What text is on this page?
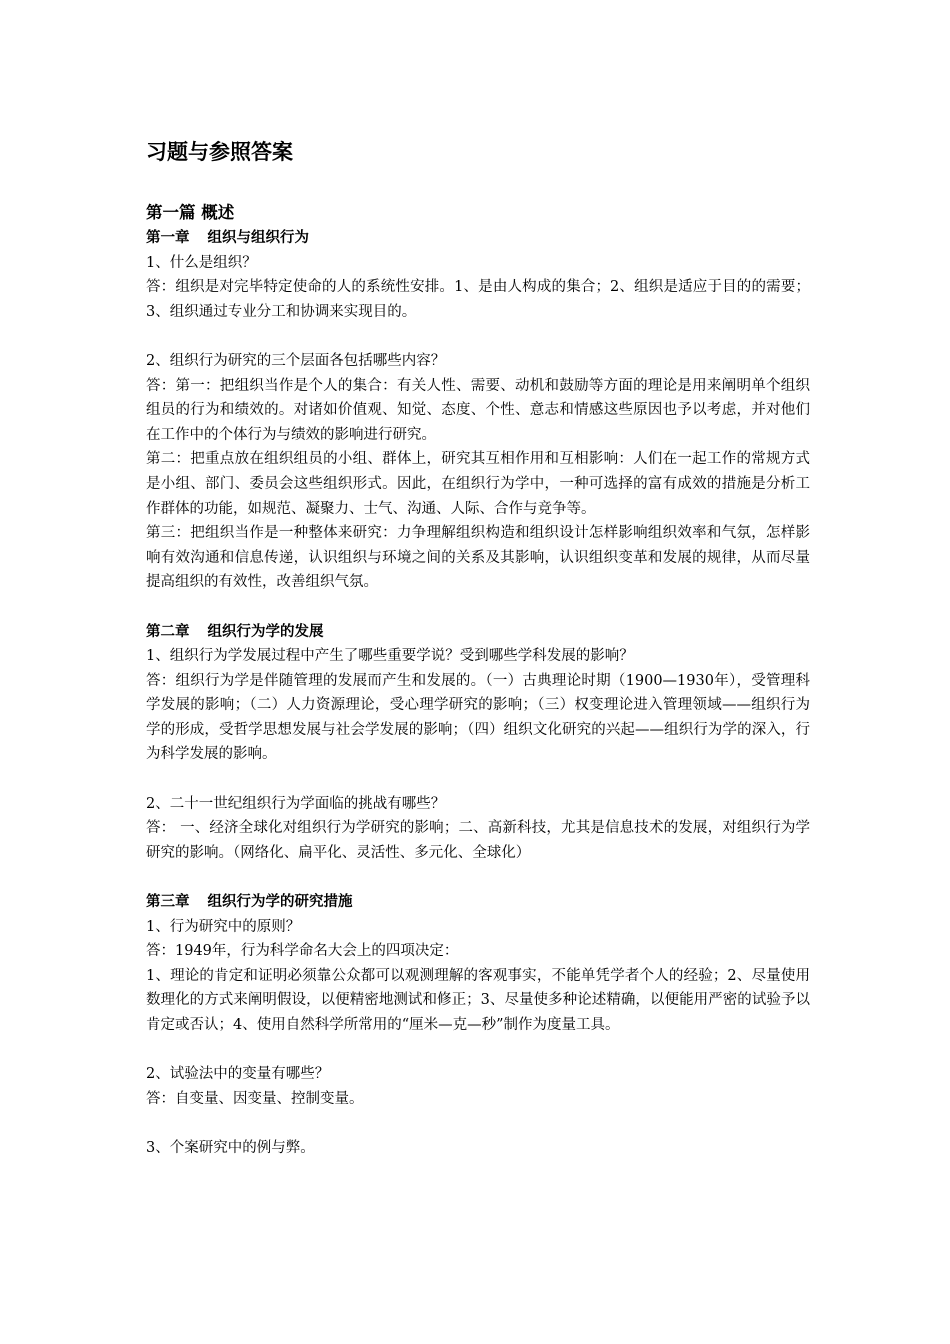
习题与参照答案
第一篇 概述
第一章 组织与组织行为

1、什么是组织？

答：组织是对完毕特定使命的人的系统性安排。1、是由人构成的集合；2、组织是适应于目的的需要；3、组织通过专业分工和协调来实现目的。

2、组织行为研究的三个层面各包括哪些内容？

答：第一：把组织当作是个人的集合：有关人性、需要、动机和鼓励等方面的理论是用来阐明单个组织组员的行为和绩效的。对诸如价值观、知觉、态度、个性、意志和情感这些原因也予以考虑，并对他们在工作中的个体行为与绩效的影响进行研究。

第二：把重点放在组织组员的小组、群体上，研究其互相作用和互相影响：人们在一起工作的常规方式是小组、部门、委员会这些组织形式。因此，在组织行为学中，一种可选择的富有成效的措施是分析工作群体的功能，如规范、凝聚力、士气、沟通、人际、合作与竞争等。

第三：把组织当作是一种整体来研究：力争理解组织构造和组织设计怎样影响组织效率和气氛，怎样影响有效沟通和信息传递，认识组织与环境之间的关系及其影响，认识组织变革和发展的规律，从而尽量提高组织的有效性，改善组织气氛。

第二章 组织行为学的发展

1、组织行为学发展过程中产生了哪些重要学说？受到哪些学科发展的影响？

答：组织行为学是伴随管理的发展而产生和发展的。（一）古典理论时期（1900—1930年），受管理科学发展的影响；（二）人力资源理论，受心理学研究的影响；（三）权变理论进入管理领域——组织行为学的形成，受哲学思想发展与社会学发展的影响；（四）组织文化研究的兴起——组织行为学的深入，行为科学发展的影响。

2、二十一世纪组织行为学面临的挑战有哪些？

答： 一、经济全球化对组织行为学研究的影响；二、高新科技，尤其是信息技术的发展，对组织行为学研究的影响。（网络化、扁平化、灵活性、多元化、全球化）

第三章 组织行为学的研究措施

1、行为研究中的原则？

答：1949年，行为科学命名大会上的四项决定：

1、理论的肯定和证明必须靠公众都可以观测理解的客观事实，不能单凭学者个人的经验；2、尽量使用数理化的方式来阐明假设，以便精密地测试和修正；3、尽量使多种论述精确，以便能用严密的试验予以肯定或否认；4、使用自然科学所常用的“厘米—克—秒”制作为度量工具。

2、试验法中的变量有哪些？

答：自变量、因变量、控制变量。

3、个案研究中的例与弊。
